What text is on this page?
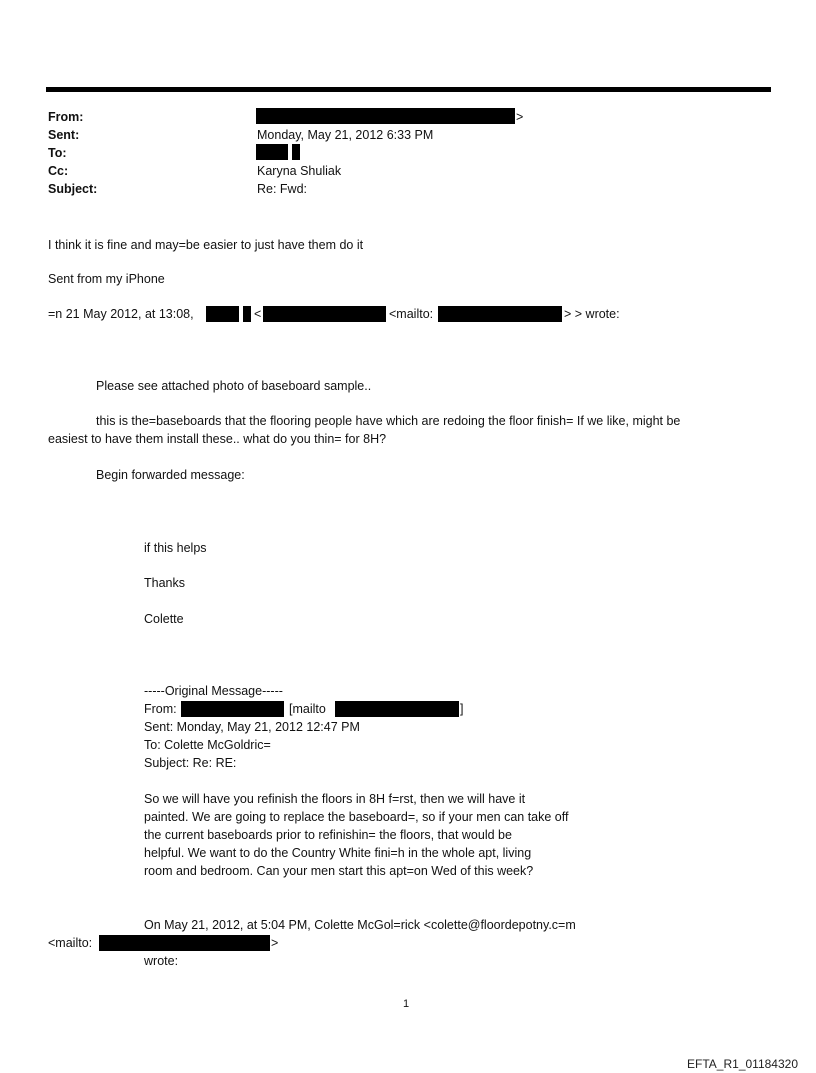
From:	>
Sent:	Monday, May 21, 2012 6:33 PM
To:
Cc:	Karyna Shuliak
Subject:	Re: Fwd:
I think it is fine and may=be easier to just have them do it
Sent from my iPhone
=n 21 May 2012, at 13:08,	<	<mailto:	> > wrote:
Please see attached photo of baseboard sample..
this is the=baseboards that the flooring people have which are redoing the floor finish= If we like, might be
easiest to have them install these.. what do you thin= for 8H?
Begin forwarded message:
if this helps
Thanks
Colette
-----Original Message-----
From:	[mailto	]
Sent: Monday, May 21, 2012 12:47 PM
To: Colette McGoldric=
Subject: Re: RE:
So we will have you refinish the floors in 8H f=rst, then we will have it
painted. We are going to replace the baseboard=, so if your men can take off
the current baseboards prior to refinishin= the floors, that would be
helpful. We want to do the Country White fini=h in the whole apt, living
room and bedroom. Can your men start this apt=on Wed of this week?
On May 21, 2012, at 5:04 PM, Colette McGol=rick <colette@floordepotny.c=m
<mailto:	>
wrote:
1
EFTA_R1_01184320
